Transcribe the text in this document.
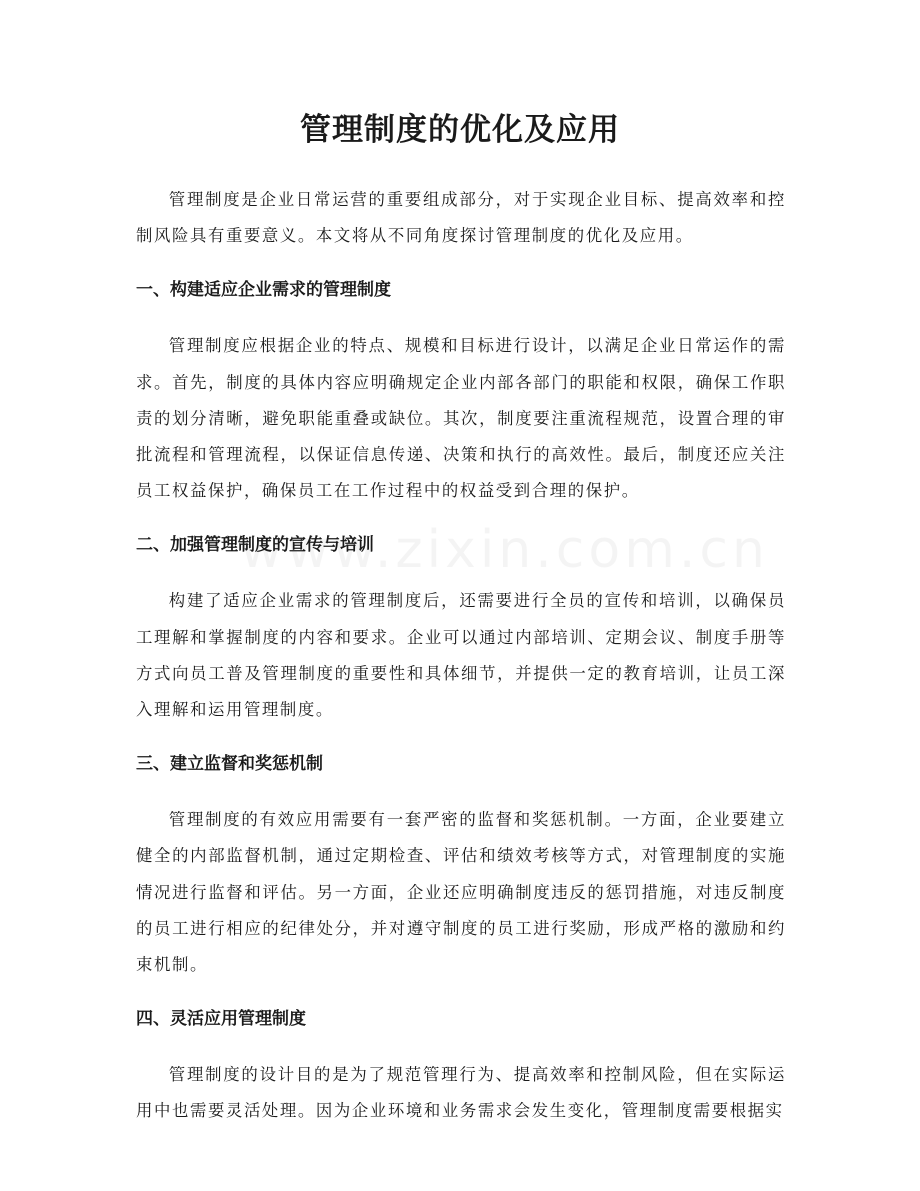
管理制度的优化及应用

管理制度是企业日常运营的重要组成部分，对于实现企业目标、提高效率和控制风险具有重要意义。本文将从不同角度探讨管理制度的优化及应用。

一、构建适应企业需求的管理制度

管理制度应根据企业的特点、规模和目标进行设计，以满足企业日常运作的需求。首先，制度的具体内容应明确规定企业内部各部门的职能和权限，确保工作职责的划分清晰，避免职能重叠或缺位。其次，制度要注重流程规范，设置合理的审批流程和管理流程，以保证信息传递、决策和执行的高效性。最后，制度还应关注员工权益保护，确保员工在工作过程中的权益受到合理的保护。

二、加强管理制度的宣传与培训

构建了适应企业需求的管理制度后，还需要进行全员的宣传和培训，以确保员工理解和掌握制度的内容和要求。企业可以通过内部培训、定期会议、制度手册等方式向员工普及管理制度的重要性和具体细节，并提供一定的教育培训，让员工深入理解和运用管理制度。

三、建立监督和奖惩机制

管理制度的有效应用需要有一套严密的监督和奖惩机制。一方面，企业要建立健全的内部监督机制，通过定期检查、评估和绩效考核等方式，对管理制度的实施情况进行监督和评估。另一方面，企业还应明确制度违反的惩罚措施，对违反制度的员工进行相应的纪律处分，并对遵守制度的员工进行奖励，形成严格的激励和约束机制。

四、灵活应用管理制度

管理制度的设计目的是为了规范管理行为、提高效率和控制风险，但在实际运用中也需要灵活处理。因为企业环境和业务需求会发生变化，管理制度需要根据实
